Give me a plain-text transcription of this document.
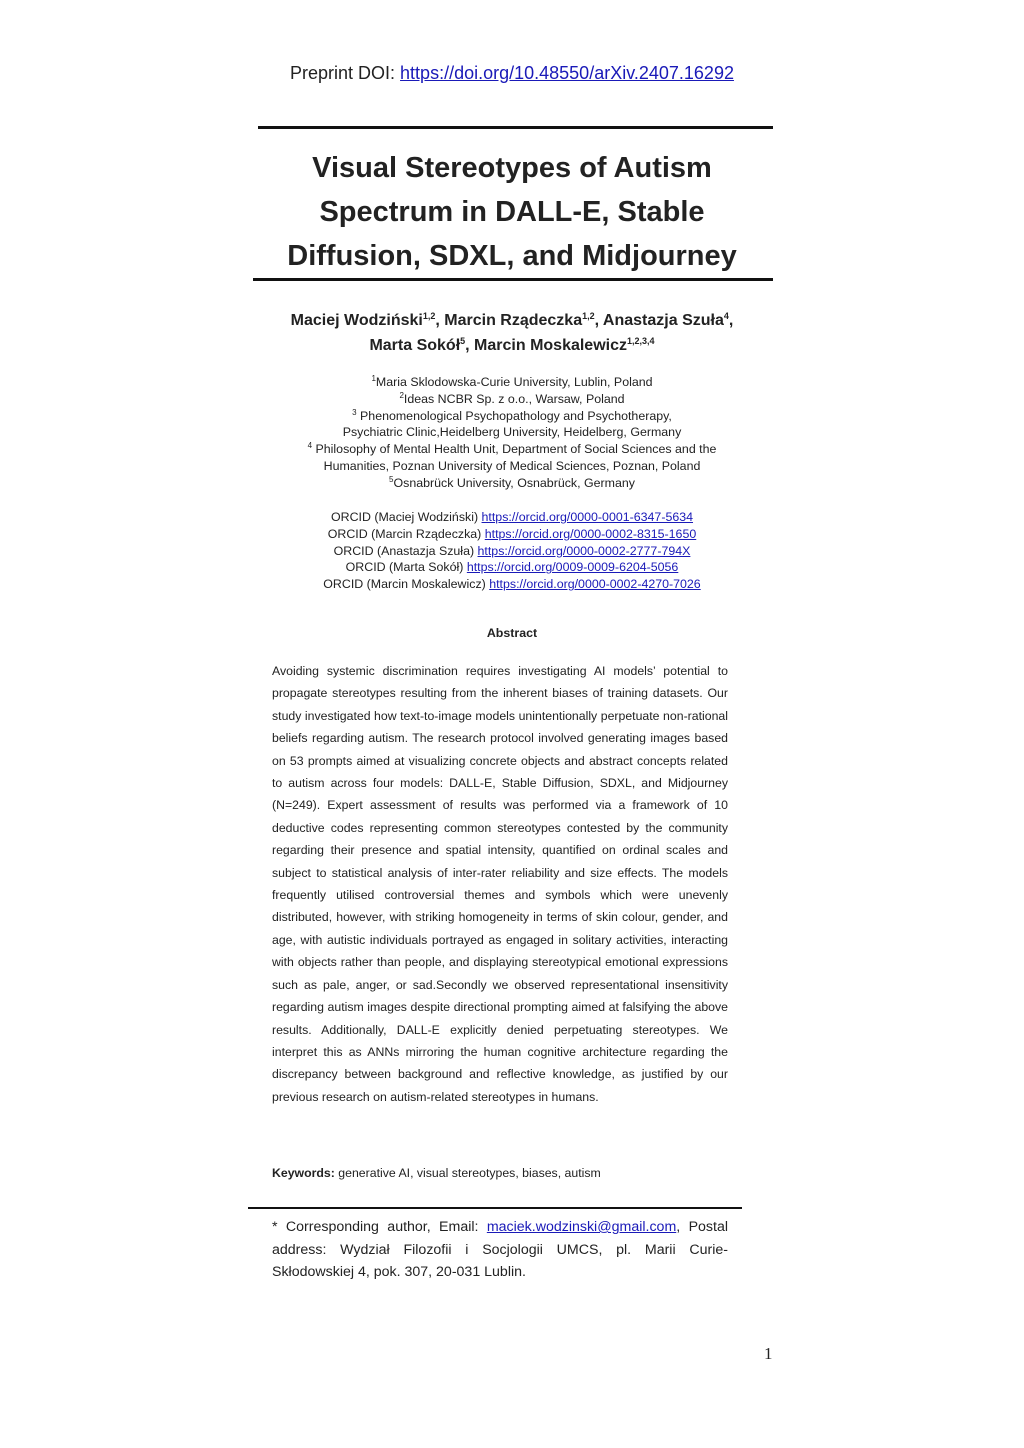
Preprint DOI: https://doi.org/10.48550/arXiv.2407.16292
Visual Stereotypes of Autism
Spectrum in DALL-E, Stable
Diffusion, SDXL, and Midjourney
Maciej Wodziński$^{1,2}$, Marcin Rządeczka$^{1,2}$, Anastazja Szuła$^4$,
Marta Sokół$^5$, Marcin Moskalewicz$^{1,2,3,4}$
$^1$Maria Sklodowska-Curie University, Lublin, Poland
$^2$Ideas NCBR Sp. z o.o., Warsaw, Poland
$^3$ Phenomenological Psychopathology and Psychotherapy,
Psychiatric Clinic,Heidelberg University, Heidelberg, Germany
$^4$ Philosophy of Mental Health Unit, Department of Social Sciences and the
Humanities, Poznan University of Medical Sciences, Poznan, Poland
$^5$Osnabrück University, Osnabrück, Germany
ORCID (Maciej Wodziński) https://orcid.org/0000-0001-6347-5634
ORCID (Marcin Rządeczka) https://orcid.org/0000-0002-8315-1650
ORCID (Anastazja Szuła) https://orcid.org/0000-0002-2777-794X
ORCID (Marta Sokół) https://orcid.org/0009-0009-6204-5056
ORCID (Marcin Moskalewicz) https://orcid.org/0000-0002-4270-7026
Abstract
Avoiding systemic discrimination requires investigating AI models’ potential to propagate stereotypes resulting from the inherent biases of training datasets. Our study investigated how text-to-image models unintentionally perpetuate non-rational beliefs regarding autism. The research protocol involved generating images based on 53 prompts aimed at visualizing concrete objects and abstract concepts related to autism across four models: DALL-E, Stable Diffusion, SDXL, and Midjourney (N=249). Expert assessment of results was performed via a framework of 10 deductive codes representing common stereotypes contested by the community regarding their presence and spatial intensity, quantified on ordinal scales and subject to statistical analysis of inter-rater reliability and size effects. The models frequently utilised controversial themes and symbols which were unevenly distributed, however, with striking homogeneity in terms of skin colour, gender, and age, with autistic individuals portrayed as engaged in solitary activities, interacting with objects rather than people, and displaying stereotypical emotional expressions such as pale, anger, or sad.Secondly we observed representational insensitivity regarding autism images despite directional prompting aimed at falsifying the above results. Additionally, DALL-E explicitly denied perpetuating stereotypes. We interpret this as ANNs mirroring the human cognitive architecture regarding the discrepancy between background and reflective knowledge, as justified by our previous research on autism-related stereotypes in humans.
Keywords: generative AI, visual stereotypes, biases, autism
* Corresponding author, Email: maciek.wodzinski@gmail.com, Postal address: Wydział Filozofii i Socjologii UMCS, pl. Marii Curie-Skłodowskiej 4, pok. 307, 20-031 Lublin.
1
